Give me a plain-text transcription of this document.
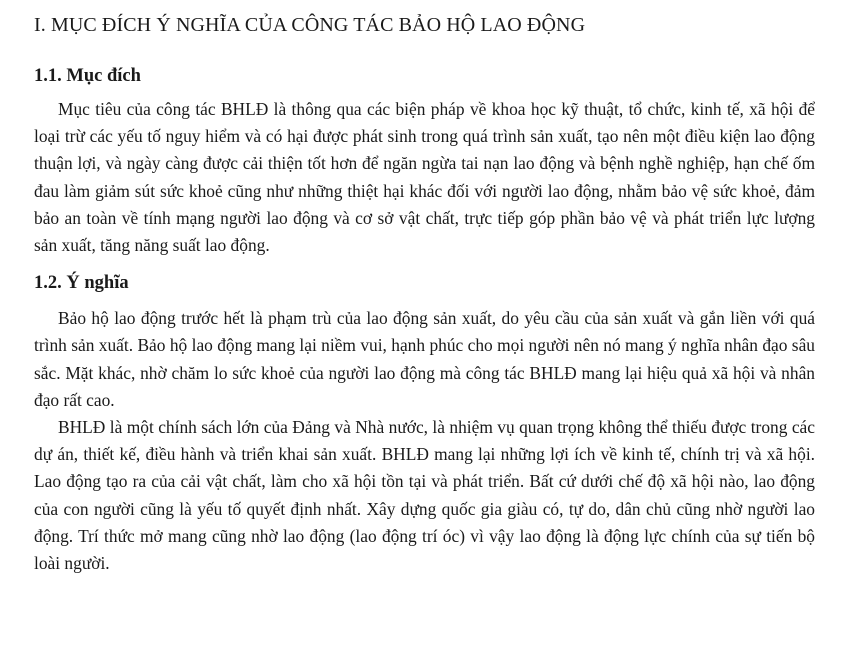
I. MỤC ĐÍCH Ý NGHĨA CỦA CÔNG TÁC BẢO HỘ LAO ĐỘNG
1.1. Mục đích

Mục tiêu của công tác BHLĐ là thông qua các biện pháp về khoa học kỹ thuật, tổ chức, kinh tế, xã hội để loại trừ các yếu tố nguy hiểm và có hại được phát sinh trong quá trình sản xuất, tạo nên một điều kiện lao động thuận lợi, và ngày càng được cải thiện tốt hơn để ngăn ngừa tai nạn lao động và bệnh nghề nghiệp, hạn chế ốm đau làm giảm sút sức khoẻ cũng như những thiệt hại khác đối với người lao động, nhằm bảo vệ sức khoẻ, đảm bảo an toàn về tính mạng người lao động và cơ sở vật chất, trực tiếp góp phần bảo vệ và phát triển lực lượng sản xuất, tăng năng suất lao động.

1.2. Ý nghĩa

Bảo hộ lao động trước hết là phạm trù của lao động sản xuất, do yêu cầu của sản xuất và gắn liền với quá trình sản xuất. Bảo hộ lao động mang lại niềm vui, hạnh phúc cho mọi người nên nó mang ý nghĩa nhân đạo sâu sắc. Mặt khác, nhờ chăm lo sức khoẻ của người lao động mà công tác BHLĐ mang lại hiệu quả xã hội và nhân đạo rất cao.

BHLĐ là một chính sách lớn của Đảng và Nhà nước, là nhiệm vụ quan trọng không thể thiếu được trong các dự án, thiết kế, điều hành và triển khai sản xuất. BHLĐ mang lại những lợi ích về kinh tế, chính trị và xã hội. Lao động tạo ra của cải vật chất, làm cho xã hội tồn tại và phát triển. Bất cứ dưới chế độ xã hội nào, lao động của con người cũng là yếu tố quyết định nhất. Xây dựng quốc gia giàu có, tự do, dân chủ cũng nhờ người lao động. Trí thức mở mang cũng nhờ lao động (lao động trí óc) vì vậy lao động là động lực chính của sự tiến bộ loài người.
